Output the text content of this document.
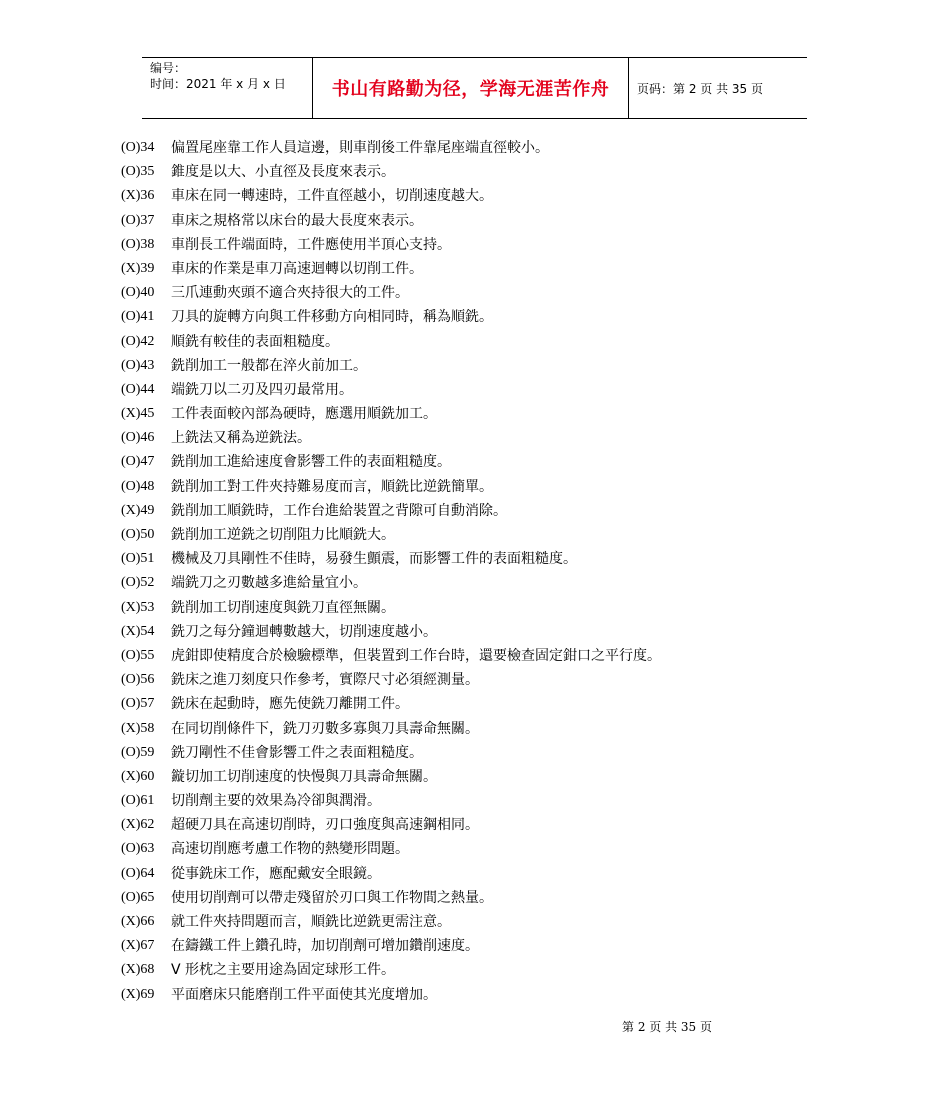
编号：
时间：2021 年 x 月 x 日	书山有路勤为径，学海无涯苦作舟	页码：第 2 页 共 35 页
(O)34	偏置尾座靠工作人員這邊，則車削後工件靠尾座端直徑較小。
(O)35	錐度是以大、小直徑及長度來表示。
(X)36	車床在同一轉速時，工件直徑越小，切削速度越大。
(O)37	車床之規格常以床台的最大長度來表示。
(O)38	車削長工件端面時，工件應使用半頂心支持。
(X)39	車床的作業是車刀高速迴轉以切削工件。
(O)40	三爪連動夾頭不適合夾持很大的工件。
(O)41	刀具的旋轉方向與工件移動方向相同時，稱為順銑。
(O)42	順銑有較佳的表面粗糙度。
(O)43	銑削加工一般都在淬火前加工。
(O)44	端銑刀以二刃及四刃最常用。
(X)45	工件表面較內部為硬時，應選用順銑加工。
(O)46	上銑法又稱為逆銑法。
(O)47	銑削加工進給速度會影響工件的表面粗糙度。
(O)48	銑削加工對工件夾持難易度而言，順銑比逆銑簡單。
(X)49	銑削加工順銑時，工作台進給裝置之背隙可自動消除。
(O)50	銑削加工逆銑之切削阻力比順銑大。
(O)51	機械及刀具剛性不佳時，易發生顫震，而影響工件的表面粗糙度。
(O)52	端銑刀之刃數越多進給量宜小。
(X)53	銑削加工切削速度與銑刀直徑無關。
(X)54	銑刀之每分鐘迴轉數越大，切削速度越小。
(O)55	虎鉗即使精度合於檢驗標準，但裝置到工作台時，還要檢查固定鉗口之平行度。
(O)56	銑床之進刀刻度只作參考，實際尺寸必須經測量。
(O)57	銑床在起動時，應先使銑刀離開工件。
(X)58	在同切削條件下，銑刀刃數多寡與刀具壽命無關。
(O)59	銑刀剛性不佳會影響工件之表面粗糙度。
(X)60	鏇切加工切削速度的快慢與刀具壽命無關。
(O)61	切削劑主要的效果為冷卻與潤滑。
(X)62	超硬刀具在高速切削時，刃口強度與高速鋼相同。
(O)63	高速切削應考慮工作物的熱變形問題。
(O)64	從事銑床工作，應配戴安全眼鏡。
(O)65	使用切削劑可以帶走殘留於刃口與工作物間之熱量。
(X)66	就工件夾持問題而言，順銑比逆銑更需注意。
(X)67	在鑄鐵工件上鑽孔時，加切削劑可增加鑽削速度。
(X)68	V 形枕之主要用途為固定球形工件。
(X)69	平面磨床只能磨削工件平面使其光度增加。
第 2 页 共 35 页
